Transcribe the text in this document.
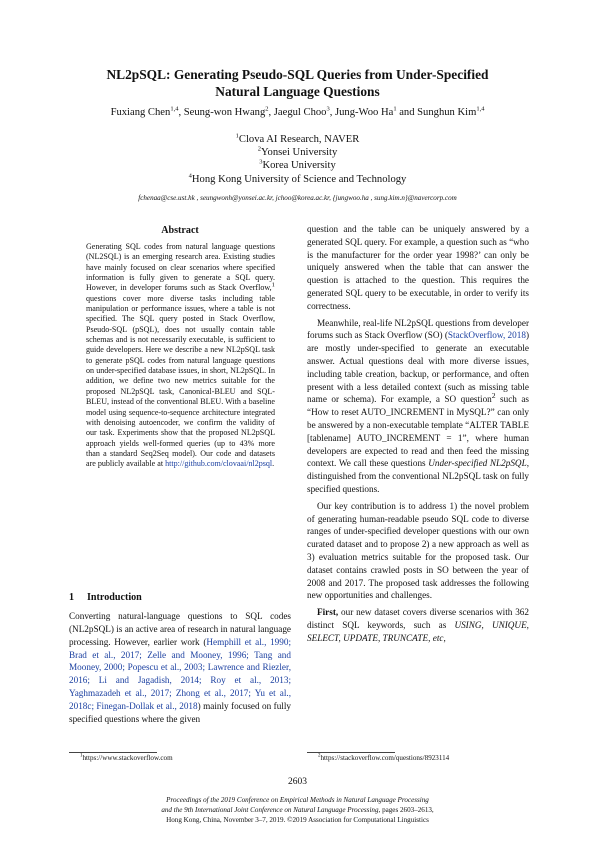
NL2pSQL: Generating Pseudo-SQL Queries from Under-Specified
Natural Language Questions
Fuxiang Chen$^{1,4}$, Seung-won Hwang$^2$, Jaegul Choo$^3$, Jung-Woo Ha$^1$ and Sunghun Kim$^{1,4}$
$^1$Clova AI Research, NAVER
$^2$Yonsei University
$^3$Korea University
$^4$Hong Kong University of Science and Technology
fchenaa@cse.ust.hk , seungwonh@yonsei.ac.kr, jchoo@korea.ac.kr, {jungwoo.ha , sung.kim.n}@navercorp.com
Abstract

Generating SQL codes from natural language questions (NL2SQL) is an emerging research area. Existing studies have mainly focused on clear scenarios where specified information is fully given to generate a SQL query. However, in developer forums such as Stack Overflow,$^1$ questions cover more diverse tasks including table manipulation or performance issues, where a table is not specified. The SQL query posted in Stack Overflow, Pseudo-SQL (pSQL), does not usually contain table schemas and is not necessarily executable, is sufficient to guide developers. Here we describe a new NL2pSQL task to generate pSQL codes from natural language questions on under-specified database issues, in short, NL2pSQL. In addition, we define two new metrics suitable for the proposed NL2pSQL task, Canonical-BLEU and SQL-BLEU, instead of the conventional BLEU. With a baseline model using sequence-to-sequence architecture integrated with denoising autoencoder, we confirm the validity of our task. Experiments show that the proposed NL2pSQL approach yields well-formed queries (up to 43% more than a standard Seq2Seq model). Our code and datasets are publicly available at http://github.com/clovaai/nl2psql.

1 Introduction

Converting natural-language questions to SQL codes (NL2pSQL) is an active area of research in natural language processing. However, earlier work (Hemphill et al., 1990; Brad et al., 2017; Zelle and Mooney, 1996; Tang and Mooney, 2000; Popescu et al., 2003; Lawrence and Riezler, 2016; Li and Jagadish, 2014; Roy et al., 2013; Yaghmazadeh et al., 2017; Zhong et al., 2017; Yu et al., 2018c; Finegan-Dollak et al., 2018) mainly focused on fully specified questions where the given

question and the table can be uniquely answered by a generated SQL query. For example, a question such as “who is the manufacturer for the order year 1998?’ can only be uniquely answered when the table that can answer the question is attached to the question. This requires the generated SQL query to be executable, in order to verify its correctness.

Meanwhile, real-life NL2pSQL questions from developer forums such as Stack Overflow (SO) (StackOverflow, 2018) are mostly under-specified to generate an executable answer. Actual questions deal with more diverse issues, including table creation, backup, or performance, and often present with a less detailed context (such as missing table name or schema). For example, a SO question$^2$ such as “How to reset AUTO_INCREMENT in MySQL?” can only be answered by a non-executable template “ALTER TABLE [tablename] AUTO_INCREMENT = 1”, where human developers are expected to read and then feed the missing context. We call these questions Under-specified NL2pSQL, distinguished from the conventional NL2pSQL task on fully specified questions.

Our key contribution is to address 1) the novel problem of generating human-readable pseudo SQL code to diverse ranges of under-specified developer questions with our own curated dataset and to propose 2) a new approach as well as 3) evaluation metrics suitable for the proposed task. Our dataset contains crawled posts in SO between the year of 2008 and 2017. The proposed task addresses the following new opportunities and challenges.

First, our new dataset covers diverse scenarios with 362 distinct SQL keywords, such as USING, UNIQUE, SELECT, UPDATE, TRUNCATE, etc,

$^1$https://www.stackoverflow.com	$^2$https://stackoverflow.com/questions/8923114
2603
Proceedings of the 2019 Conference on Empirical Methods in Natural Language Processing
and the 9th International Joint Conference on Natural Language Processing, pages 2603–2613,
Hong Kong, China, November 3–7, 2019. ©2019 Association for Computational Linguistics
